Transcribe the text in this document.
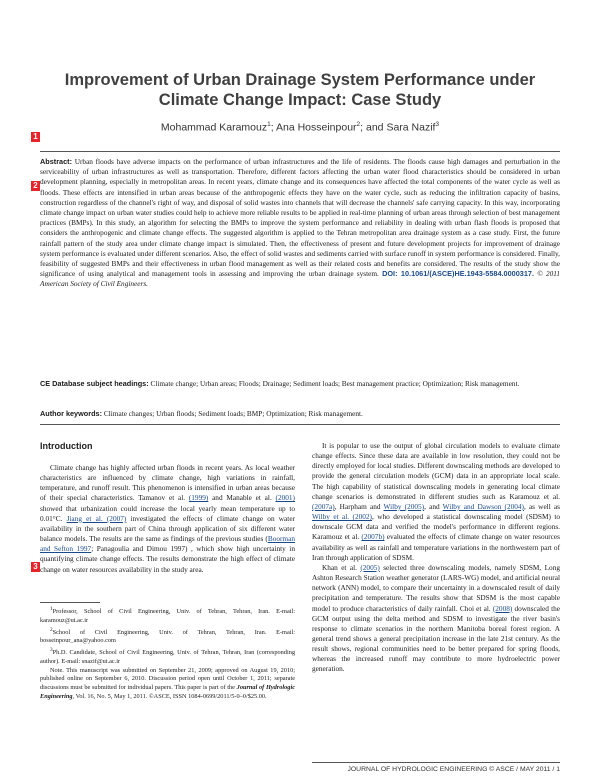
Improvement of Urban Drainage System Performance under Climate Change Impact: Case Study
Mohammad Karamouz$^1$; Ana Hosseinpour$^2$; and Sara Nazif$^3$
1
2
3
Abstract: Urban floods have adverse impacts on the performance of urban infrastructures and the life of residents. The floods cause high damages and perturbation in the serviceability of urban infrastructures as well as transportation. Therefore, different factors affecting the urban water flood characteristics should be considered in urban development planning, especially in metropolitan areas. In recent years, climate change and its consequences have affected the total components of the water cycle as well as floods. These effects are intensified in urban areas because of the anthropogenic effects they have on the water cycle, such as reducing the infiltration capacity of basins, construction regardless of the channel's right of way, and disposal of solid wastes into channels that will decrease the channels' safe carrying capacity. In this way, incorporating climate change impact on urban water studies could help to achieve more reliable results to be applied in real-time planning of urban areas through selection of best management practices (BMPs). In this study, an algorithm for selecting the BMPs to improve the system performance and reliability in dealing with urban flash floods is proposed that considers the anthropogenic and climate change effects. The suggested algorithm is applied to the Tehran metropolitan area drainage system as a case study. First, the future rainfall pattern of the study area under climate change impact is simulated. Then, the effectiveness of present and future development projects for improvement of drainage system performance is evaluated under different scenarios. Also, the effect of solid wastes and sediments carried with surface runoff in system performance is considered. Finally, feasibility of suggested BMPs and their effectiveness in urban flood management as well as their related costs and benefits are considered. The results of the study show the significance of using analytical and management tools in assessing and improving the urban drainage system. DOI: 10.1061/(ASCE)HE.1943-5584.0000317. © 2011 American Society of Civil Engineers.
CE Database subject headings: Climate change; Urban areas; Floods; Drainage; Sediment loads; Best management practice; Optimization; Risk management.
Author keywords: Climate changes; Urban floods; Sediment loads; BMP; Optimization; Risk management.
Introduction

Climate change has highly affected urban floods in recent years. As local weather characteristics are influenced by climate change, high variations in rainfall, temperature, and runoff result. This phenomenon is intensified in urban areas because of their special characteristics. Tamanov et al. (1999) and Manable et al. (2001) showed that urbanization could increase the local yearly mean temperature up to 0.01°C. Jiang et al. (2007) investigated the effects of climate change on water availability in the southern part of China through application of six different water balance models. The results are the same as findings of the previous studies (Boorman and Sefton 1997; Panagoulia and Dimou 1997) , which show high uncertainty in quantifying climate change effects. The results demonstrate the high effect of climate change on water resources availability in the study area.

$^1$Professor, School of Civil Engineering, Univ. of Tehran, Tehran, Iran. E-mail: karamouz@ut.ac.ir

$^2$School of Civil Engineering, Univ. of Tehran, Tehran, Iran. E-mail: bosseinpour_ana@yahoo.com

$^3$Ph.D. Candidate, School of Civil Engineering, Univ. of Tehran, Tehran, Iran (corresponding author). E-mail: snazif@ut.ac.ir

Note. This manuscript was submitted on September 21, 2009; approved on August 19, 2010; published online on September 6, 2010. Discussion period open until October 1, 2011; separate discussions must be submitted for individual papers. This paper is part of the Journal of Hydrologic Engineering, Vol. 16, No. 5, May 1, 2011. ©ASCE, ISSN 1084-0699/2011/5-0–0/$25.00.

It is popular to use the output of global circulation models to evaluate climate change effects. Since these data are available in low resolution, they could not be directly employed for local studies. Different downscaling methods are developed to provide the general circulation models (GCM) data in an appropriate local scale. The high capability of statistical downscaling models in generating local climate change scenarios is demonstrated in different studies such as Karamouz et al. (2007a), Harpham and Wilby (2005), and Wilby and Dawson (2004), as well as Wilby et al. (2002), who developed a statistical downscaling model (SDSM) to downscale GCM data and verified the model's performance in different regions. Karamouz et al. (2007b) evaluated the effects of climate change on water resources availability as well as rainfall and temperature variations in the northwestern part of Iran through application of SDSM.

Khan et al. (2005) selected three downscaling models, namely SDSM, Long Ashton Research Station weather generator (LARS-WG) model, and artificial neural network (ANN) model, to compare their uncertainty in a downscaled result of daily precipitation and temperature. The results show that SDSM is the most capable model to produce characteristics of daily rainfall. Choi et al. (2008) downscaled the GCM output using the delta method and SDSM to investigate the river basin's response to climate scenarios in the northern Manitoba boreal forest region. A general trend shows a general precipitation increase in the late 21st century. As the result shows, regional communities need to be better prepared for spring floods, whereas the increased runoff may contribute to more hydroelectric power generation.

JOURNAL OF HYDROLOGIC ENGINEERING © ASCE / MAY 2011 / 1
